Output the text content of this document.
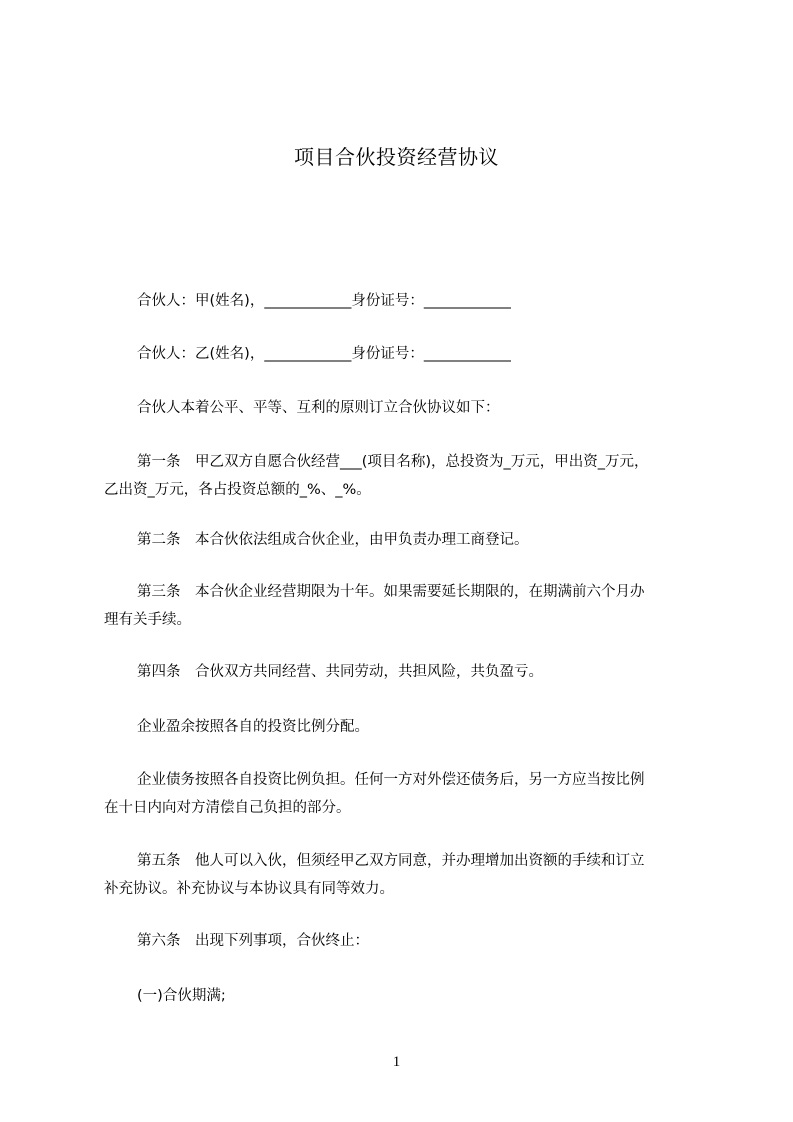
项目合伙投资经营协议
合伙人：甲(姓名)，____________身份证号：____________
合伙人：乙(姓名)，____________身份证号：____________
合伙人本着公平、平等、互利的原则订立合伙协议如下：
第一条　甲乙双方自愿合伙经营___(项目名称)，总投资为_万元，甲出资_万元，
乙出资_万元，各占投资总额的_%、_%。
第二条　本合伙依法组成合伙企业，由甲负责办理工商登记。
第三条　本合伙企业经营期限为十年。如果需要延长期限的，在期满前六个月办
理有关手续。
第四条　合伙双方共同经营、共同劳动，共担风险，共负盈亏。
企业盈余按照各自的投资比例分配。
企业债务按照各自投资比例负担。任何一方对外偿还债务后，另一方应当按比例
在十日内向对方清偿自己负担的部分。
第五条　他人可以入伙，但须经甲乙双方同意，并办理增加出资额的手续和订立
补充协议。补充协议与本协议具有同等效力。
第六条　出现下列事项，合伙终止：
(一)合伙期满;
1
